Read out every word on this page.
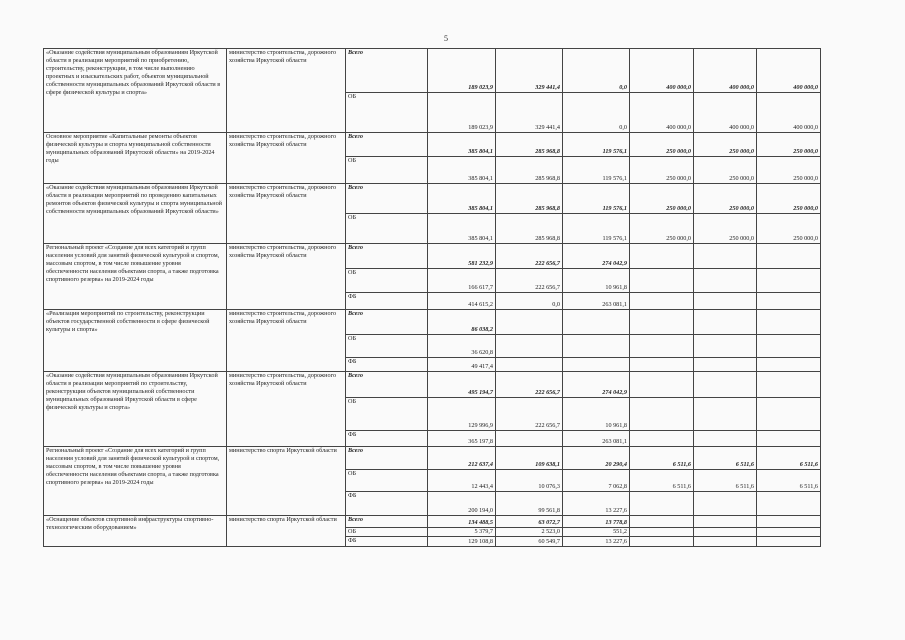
5
«Оказание содействия муниципальным образованиям Иркутской области в реализации мероприятий по приобретению, строительству, реконструкции, в том числе выполнению проектных и изыскательских работ, объектов муниципальной собственности муниципальных образований Иркутской области в сфере физической культуры и спорта»	министерство строительства, дорожного хозяйства Иркутской области	Всего	189 023,9	329 441,4	0,0	400 000,0	400 000,0	400 000,0
		ОБ	189 023,9	329 441,4	0,0	400 000,0	400 000,0	400 000,0
Основное мероприятие «Капитальные ремонты объектов физической культуры и спорта муниципальной собственности муниципальных образований Иркутской области» на 2019-2024 годы	министерство строительства, дорожного хозяйства Иркутской области	Всего	385 804,1	285 968,8	119 576,1	250 000,0	250 000,0	250 000,0
		ОБ	385 804,1	285 968,8	119 576,1	250 000,0	250 000,0	250 000,0
«Оказание содействия муниципальным образованиям Иркутской области в реализации мероприятий по проведению капитальных ремонтов объектов физической культуры и спорта муниципальной собственности муниципальных образований Иркутской области»	министерство строительства, дорожного хозяйства Иркутской области	Всего	385 804,1	285 968,8	119 576,1	250 000,0	250 000,0	250 000,0
		ОБ	385 804,1	285 968,8	119 576,1	250 000,0	250 000,0	250 000,0
Региональный проект «Создание для всех категорий и групп населения условий для занятий физической культурой и спортом, массовым спортом, в том числе повышение уровня обеспеченности населения объектами спорта, а также подготовка спортивного резерва» на 2019-2024 годы	министерство строительства, дорожного хозяйства Иркутской области	Всего	581 232,9	222 656,7	274 042,9			
		ОБ	166 617,7	222 656,7	10 961,8			
		ФБ	414 615,2	0,0	263 081,1			
«Реализация мероприятий по строительству, реконструкции объектов государственной собственности в сфере физической культуры и спорта»	министерство строительства, дорожного хозяйства Иркутской области	Всего	86 038,2					
		ОБ	36 620,8					
		ФБ	49 417,4					
«Оказание содействия муниципальным образованиям Иркутской области в реализации мероприятий по строительству, реконструкции объектов муниципальной собственности муниципальных образований Иркутской области в сфере физической культуры и спорта»	министерство строительства, дорожного хозяйства Иркутской области	Всего	495 194,7	222 656,7	274 042,9			
		ОБ	129 996,9	222 656,7	10 961,8			
		ФБ	365 197,8		263 081,1			
Региональный проект «Создание для всех категорий и групп населения условий для занятий физической культурой и спортом, массовым спортом, в том числе повышение уровня обеспеченности населения объектами спорта, а также подготовка спортивного резерва» на 2019-2024 годы	министерство спорта Иркутской области	Всего	212 637,4	109 638,1	20 290,4	6 511,6	6 511,6	6 511,6
		ОБ	12 443,4	10 076,3	7 062,8	6 511,6	6 511,6	6 511,6
		ФБ	200 194,0	99 561,8	13 227,6			
«Оснащение объектов спортивной инфраструктуры спортивно-технологическим оборудованием»	министерство спорта Иркутской области	Всего	134 488,5	63 072,7	13 778,8			
		ОБ	5 379,7	2 523,0	551,2			
		ФБ	129 108,8	60 549,7	13 227,6			
